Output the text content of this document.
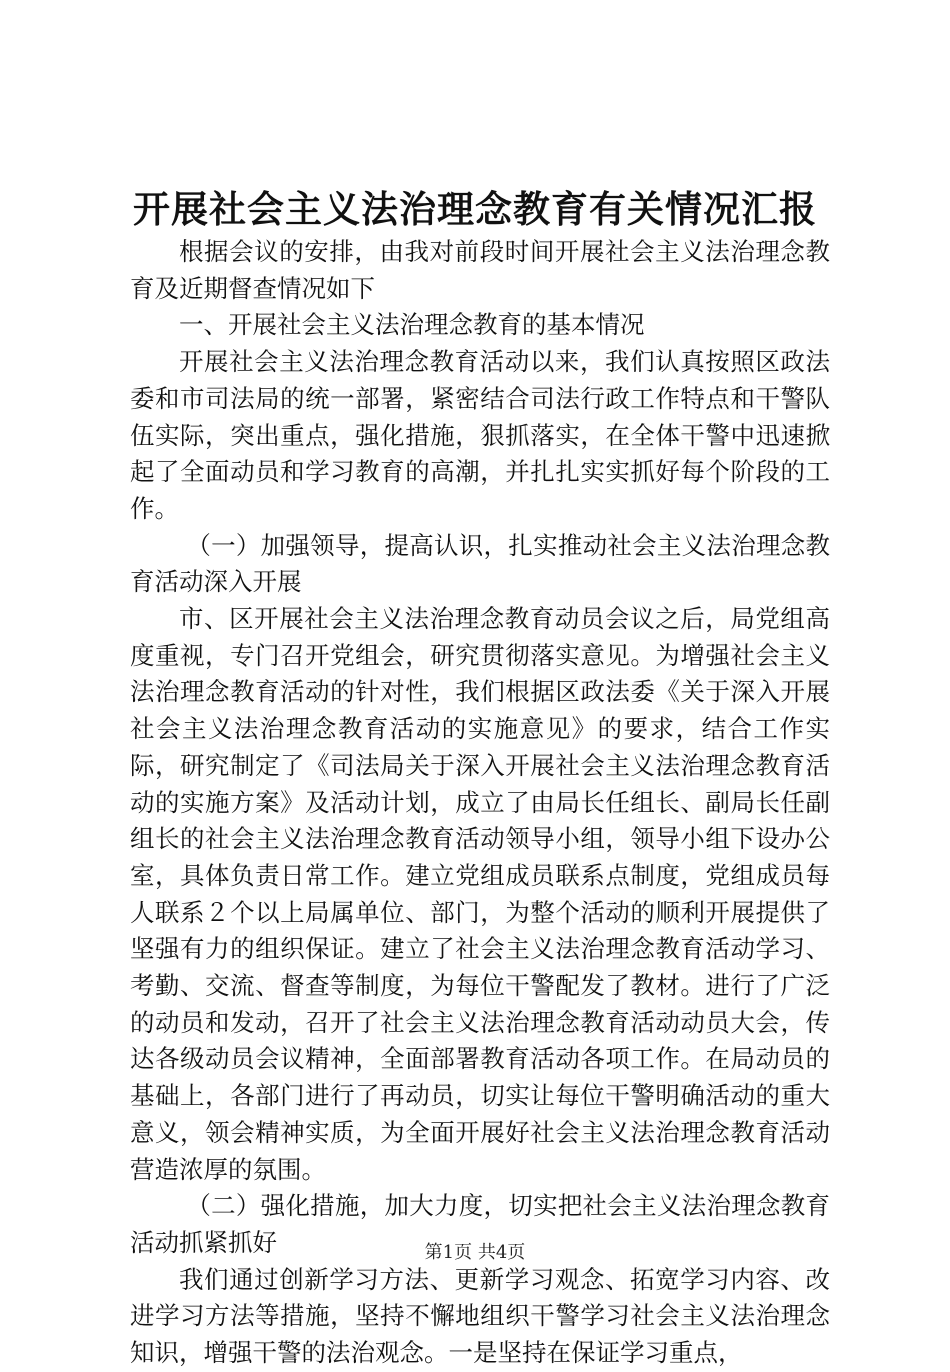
开展社会主义法治理念教育有关情况汇报

根据会议的安排，由我对前段时间开展社会主义法治理念教育及近期督查情况如下

一、开展社会主义法治理念教育的基本情况

开展社会主义法治理念教育活动以来，我们认真按照区政法委和市司法局的统一部署，紧密结合司法行政工作特点和干警队伍实际，突出重点，强化措施，狠抓落实，在全体干警中迅速掀起了全面动员和学习教育的高潮，并扎扎实实抓好每个阶段的工作。

（一）加强领导，提高认识，扎实推动社会主义法治理念教育活动深入开展

市、区开展社会主义法治理念教育动员会议之后，局党组高度重视，专门召开党组会，研究贯彻落实意见。为增强社会主义法治理念教育活动的针对性，我们根据区政法委《关于深入开展社会主义法治理念教育活动的实施意见》的要求，结合工作实际，研究制定了《司法局关于深入开展社会主义法治理念教育活动的实施方案》及活动计划，成立了由局长任组长、副局长任副组长的社会主义法治理念教育活动领导小组，领导小组下设办公室，具体负责日常工作。建立党组成员联系点制度，党组成员每人联系２个以上局属单位、部门，为整个活动的顺利开展提供了坚强有力的组织保证。建立了社会主义法治理念教育活动学习、考勤、交流、督查等制度，为每位干警配发了教材。进行了广泛的动员和发动，召开了社会主义法治理念教育活动动员大会，传达各级动员会议精神，全面部署教育活动各项工作。在局动员的基础上，各部门进行了再动员，切实让每位干警明确活动的重大意义，领会精神实质，为全面开展好社会主义法治理念教育活动营造浓厚的氛围。

（二）强化措施，加大力度，切实把社会主义法治理念教育活动抓紧抓好

我们通过创新学习方法、更新学习观念、拓宽学习内容、改进学习方法等措施，坚持不懈地组织干警学习社会主义法治理念知识，增强干警的法治观念。一是坚持在保证学习重点，

第1页 共4页
